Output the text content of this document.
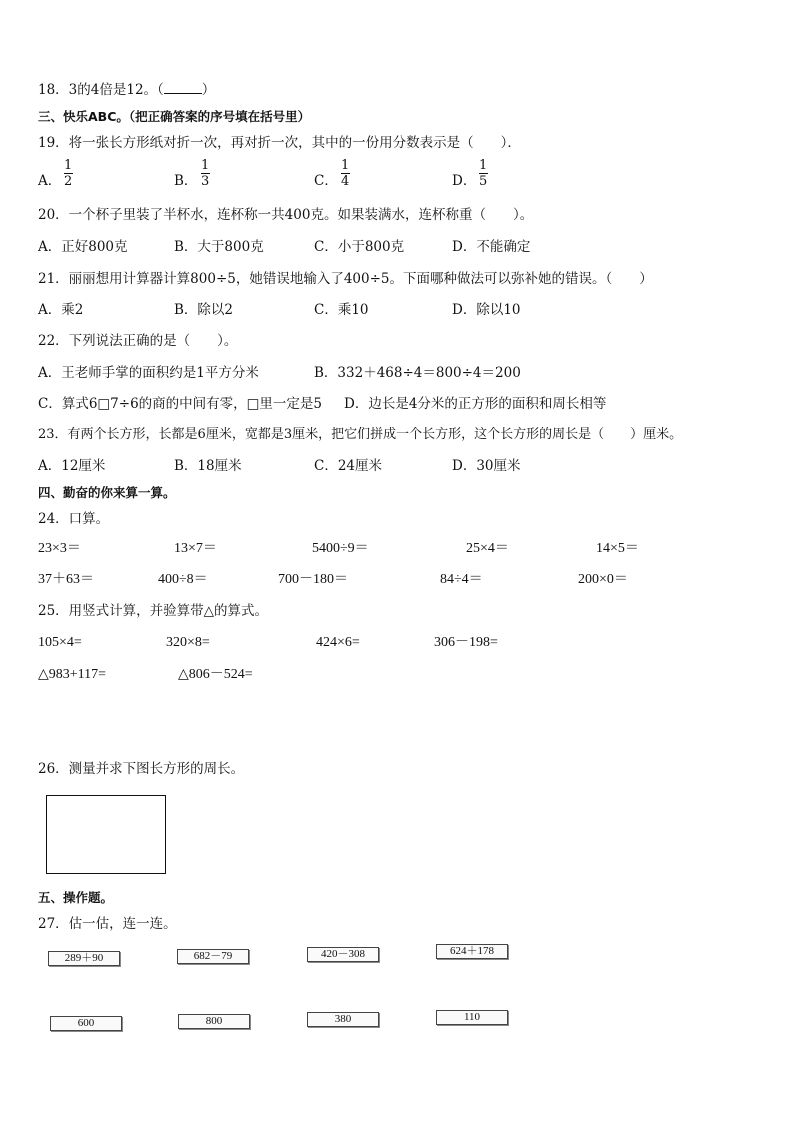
18．3的4倍是12。（	）
三、快乐ABC。（把正确答案的序号填在括号里）
19．将一张长方形纸对折一次，再对折一次，其中的一份用分数表示是（　　）．
A．
1
2	B．
1
3	C．
1
4	D．
1
5
20．一个杯子里装了半杯水，连杯称一共400克。如果装满水，连杯称重（　　）。
A．正好800克	B．大于800克	C．小于800克	D．不能确定
21．丽丽想用计算器计算800÷5，她错误地输入了400÷5。下面哪种做法可以弥补她的错误。（　　）
A．乘2	B．除以2	C．乘10	D．除以10
22．下列说法正确的是（　　）。
A．王老师手掌的面积约是1平方分米	B．332＋468÷4＝800÷4＝200
C．算式6□7÷6的商的中间有零，□里一定是5 D．边长是4分米的正方形的面积和周长相等
23．有两个长方形，长都是6厘米，宽都是3厘米，把它们拼成一个长方形，这个长方形的周长是（　　）厘米。
A．12厘米	B．18厘米	C．24厘米	D．30厘米
四、勤奋的你来算一算。
24．口算。
23×3＝	13×7＝	5400÷9＝	25×4＝	14×5＝
37＋63＝	400÷8＝	700－180＝	84÷4＝	200×0＝
25．用竖式计算，并验算带△的算式。
105×4=	320×8=	424×6=	306－198=
△983+117=	△806－524=
26．测量并求下图长方形的周长。
五、操作题。
27．估一估，连一连。
289＋90	682－79	420－308	624＋178
600	800	380	110
